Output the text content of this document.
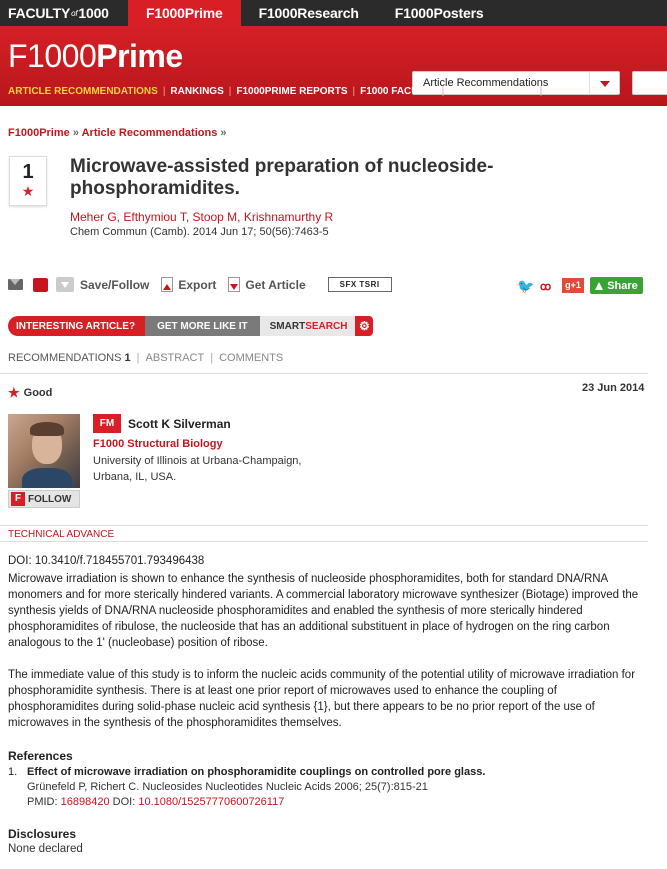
FACULTY of 1000	F1000Prime	F1000Research	F1000Posters
F1000Prime
Article Recommendations
ARTICLE RECOMMENDATIONS | RANKINGS | F1000PRIME REPORTS | F1000 FACULTY | JOURNAL CLUBS | BLOG
F1000Prime » Article Recommendations »
1
★
Microwave-assisted preparation of nucleoside-phosphoramidites.
Meher G, Efthymiou T, Stoop M, Krishnamurthy R
Chem Commun (Camb). 2014 Jun 17; 50(56):7463-5
Save/Follow Export Get Article	SFX TSRI	🐦 ꝏ	g+1 Share
INTERESTING ARTICLE?	GET MORE LIKE IT	SMART SEARCH ⚙
RECOMMENDATIONS 1 | ABSTRACT | COMMENTS
★ Good	23 Jun 2014
F FOLLOW
FM	Scott K Silverman
F1000 Structural Biology
University of Illinois at Urbana-Champaign,
Urbana, IL, USA.
TECHNICAL ADVANCE
DOI: 10.3410/f.718455701.793496438
Microwave irradiation is shown to enhance the synthesis of nucleoside phosphoramidites, both for standard DNA/RNA monomers and for more sterically hindered variants. A commercial laboratory microwave synthesizer (Biotage) improved the synthesis yields of DNA/RNA nucleoside phosphoramidites and enabled the synthesis of more sterically hindered phosphoramidites of ribulose, the nucleoside that has an additional substituent in place of hydrogen on the ring carbon analogous to the 1' (nucleobase) position of ribose.
The immediate value of this study is to inform the nucleic acids community of the potential utility of microwave irradiation for phosphoramidite synthesis. There is at least one prior report of microwaves used to enhance the coupling of phosphoramidites during solid-phase nucleic acid synthesis {1}, but there appears to be no prior report of the use of microwaves in the synthesis of the phosphoramidites themselves.
References
1. Effect of microwave irradiation on phosphoramidite couplings on controlled pore glass.
Grünefeld P, Richert C. Nucleosides Nucleotides Nucleic Acids 2006; 25(7):815-21
PMID: 16898420 DOI: 10.1080/15257770600726117
Disclosures
None declared
